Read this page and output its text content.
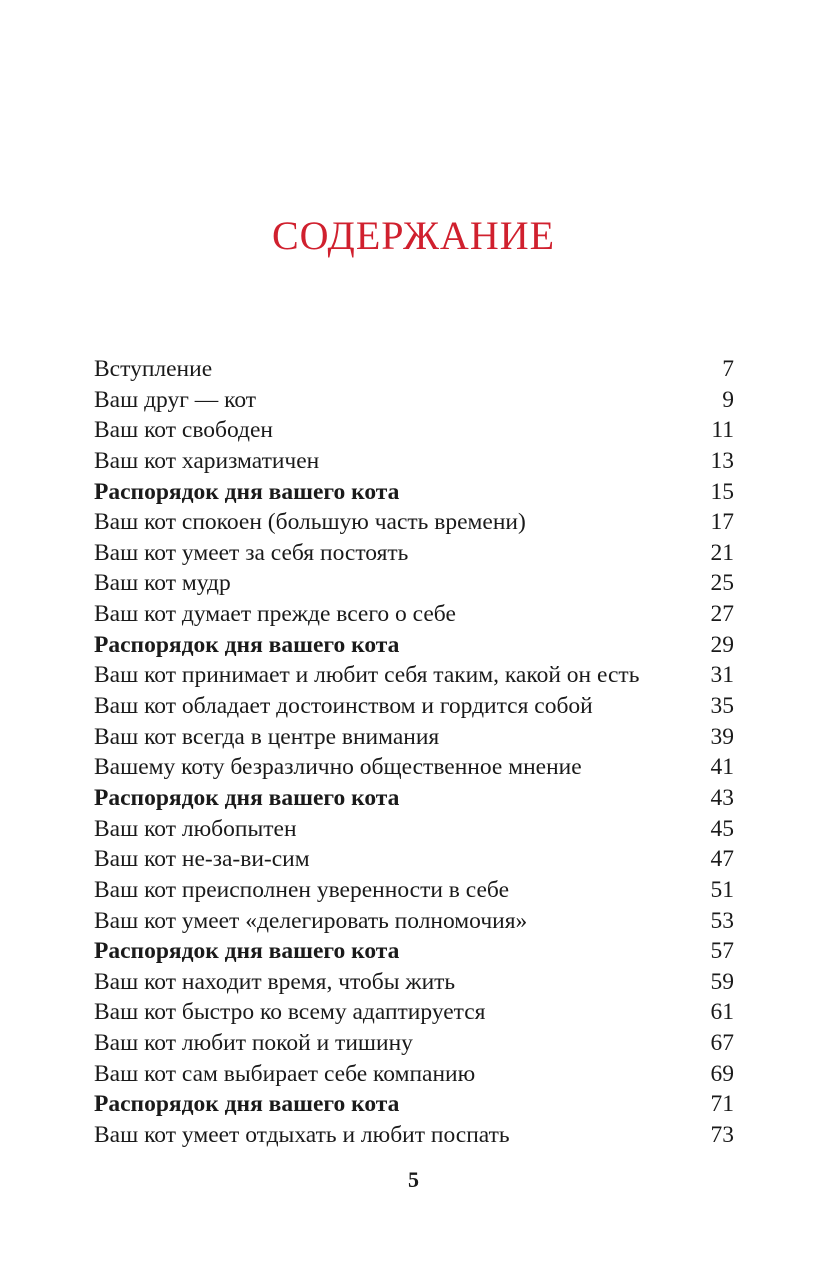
СОДЕРЖАНИЕ
Вступление	7
Ваш друг — кот	9
Ваш кот свободен	11
Ваш кот харизматичен	13
Распорядок дня вашего кота	15
Ваш кот спокоен (большую часть времени)	17
Ваш кот умеет за себя постоять	21
Ваш кот мудр	25
Ваш кот думает прежде всего о себе	27
Распорядок дня вашего кота	29
Ваш кот принимает и любит себя таким, какой он есть	31
Ваш кот обладает достоинством и гордится собой	35
Ваш кот всегда в центре внимания	39
Вашему коту безразлично общественное мнение	41
Распорядок дня вашего кота	43
Ваш кот любопытен	45
Ваш кот не-за-ви-сим	47
Ваш кот преисполнен уверенности в себе	51
Ваш кот умеет «делегировать полномочия»	53
Распорядок дня вашего кота	57
Ваш кот находит время, чтобы жить	59
Ваш кот быстро ко всему адаптируется	61
Ваш кот любит покой и тишину	67
Ваш кот сам выбирает себе компанию	69
Распорядок дня вашего кота	71
Ваш кот умеет отдыхать и любит поспать	73
5
